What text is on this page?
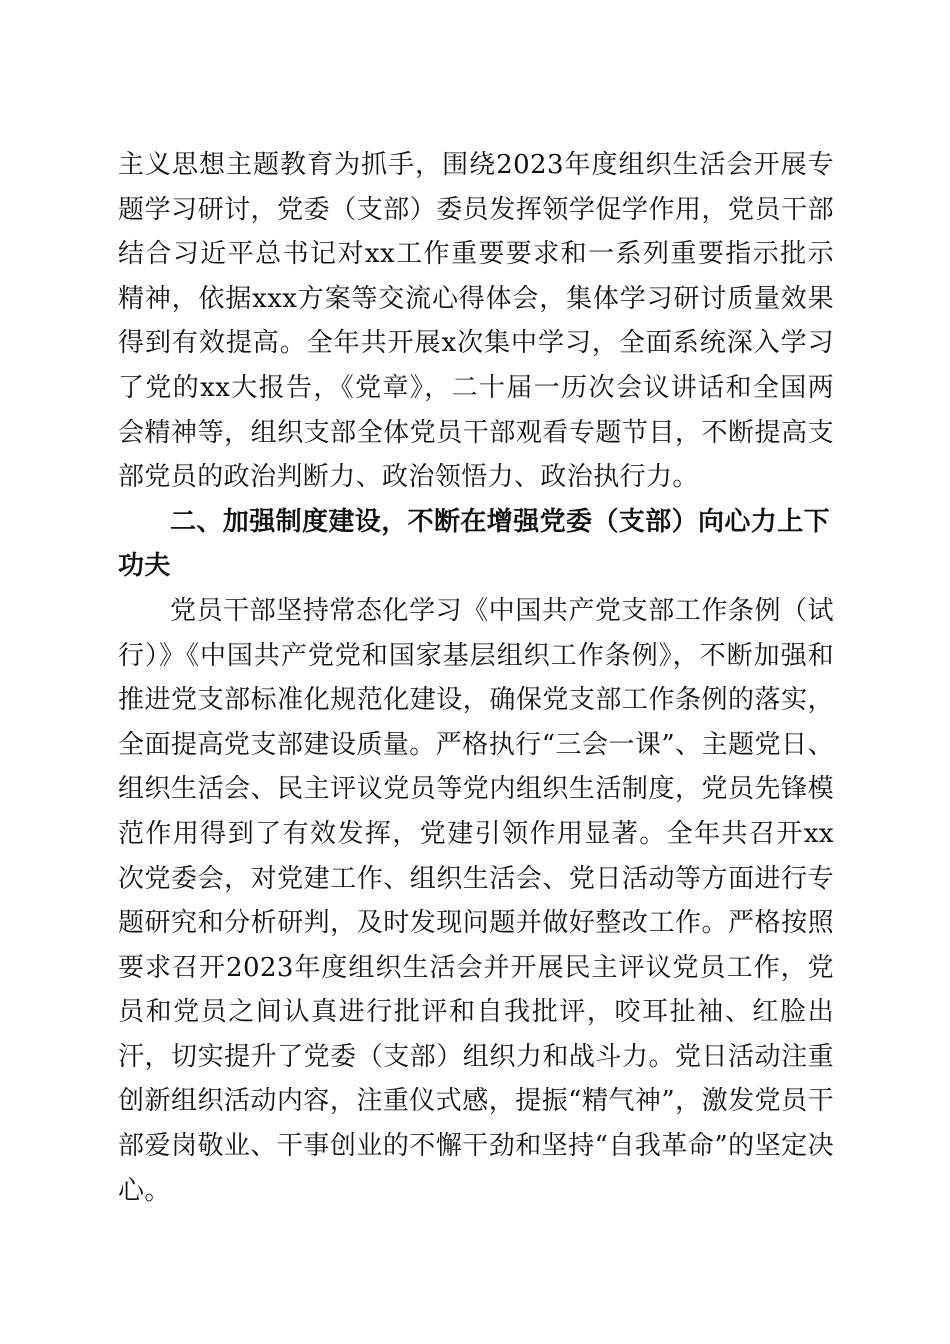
主义思想主题教育为抓手，围绕2023年度组织生活会开展专题学习研讨，党委（支部）委员发挥领学促学作用，党员干部结合习近平总书记对xx工作重要要求和一系列重要指示批示精神，依据xxx方案等交流心得体会，集体学习研讨质量效果得到有效提高。全年共开展x次集中学习，全面系统深入学习了党的xx大报告，《党章》，二十届一历次会议讲话和全国两会精神等，组织支部全体党员干部观看专题节目，不断提高支部党员的政治判断力、政治领悟力、政治执行力。

二、加强制度建设，不断在增强党委（支部）向心力上下功夫

党员干部坚持常态化学习《中国共产党支部工作条例（试行）》《中国共产党党和国家基层组织工作条例》，不断加强和推进党支部标准化规范化建设，确保党支部工作条例的落实，全面提高党支部建设质量。严格执行“三会一课”、主题党日、组织生活会、民主评议党员等党内组织生活制度，党员先锋模范作用得到了有效发挥，党建引领作用显著。全年共召开xx次党委会，对党建工作、组织生活会、党日活动等方面进行专题研究和分析研判，及时发现问题并做好整改工作。严格按照要求召开2023年度组织生活会并开展民主评议党员工作，党员和党员之间认真进行批评和自我批评，咬耳扯袖、红脸出汗，切实提升了党委（支部）组织力和战斗力。党日活动注重创新组织活动内容，注重仪式感，提振“精气神”，激发党员干部爱岗敬业、干事创业的不懈干劲和坚持“自我革命”的坚定决心。
